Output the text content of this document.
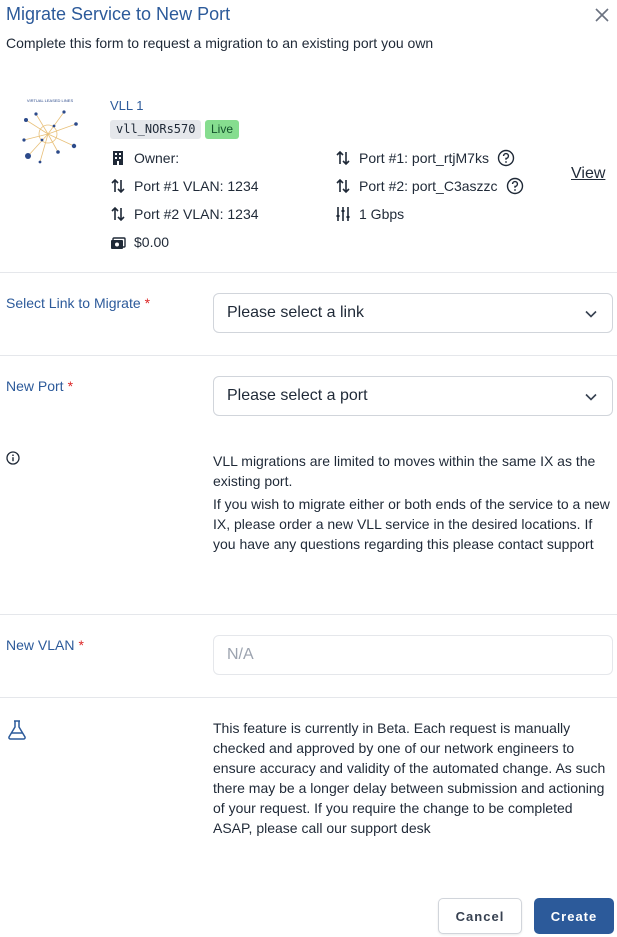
Migrate Service to New Port
Complete this form to request a migration to an existing port you own
VIRTUAL LEASED LINES	VLL 1
vll_NORs570	Live
Owner:	Port #1: port_rtjM7ks
Port #1 VLAN: 1234	Port #2: port_C3aszzc
View
Port #2 VLAN: 1234	1 Gbps
$0.00
Select Link to Migrate *
Please select a link
New Port *
Please select a port
VLL migrations are limited to moves within the same IX as the existing port.
If you wish to migrate either or both ends of the service to a new IX, please order a new VLL service in the desired locations. If you have any questions regarding this please contact support
New VLAN *
N/A
This feature is currently in Beta. Each request is manually checked and approved by one of our network engineers to ensure accuracy and validity of the automated change. As such there may be a longer delay between submission and actioning of your request. If you require the change to be completed ASAP, please call our support desk
Cancel	Create
